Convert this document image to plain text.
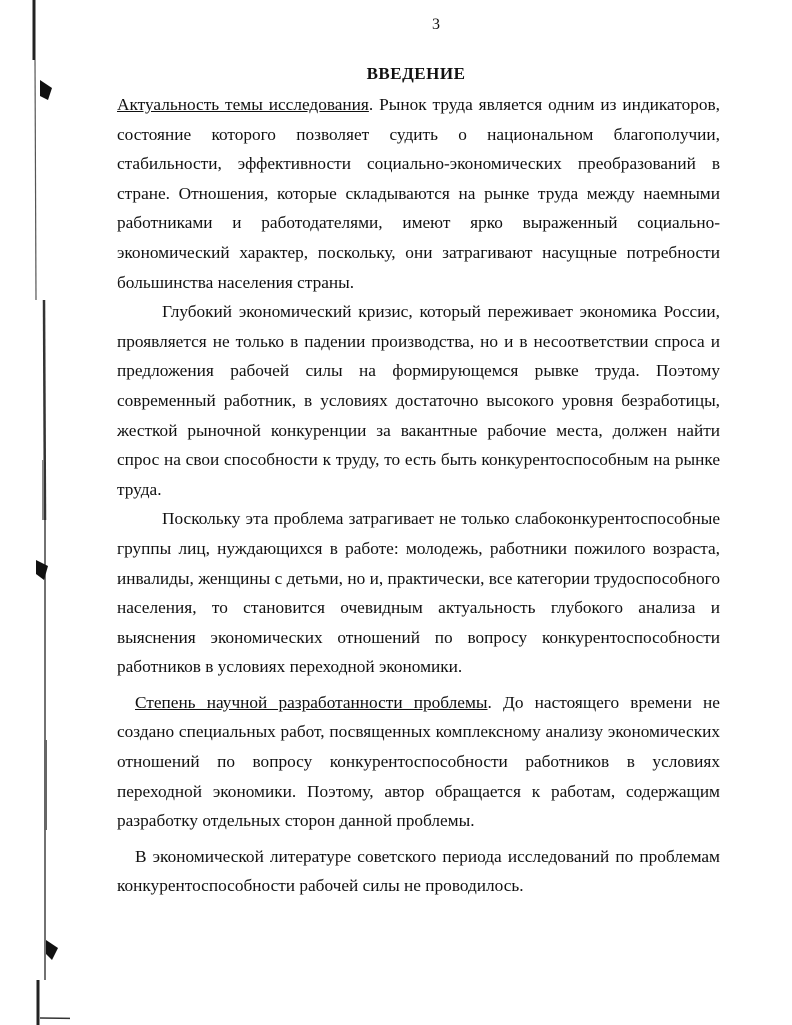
3
ВВЕДЕНИЕ

Актуальность темы исследования. Рынок труда является одним из индикаторов, состояние которого позволяет судить о национальном благополучии, стабильности, эффективности социально-экономических преобразований в стране. Отношения, которые складываются на рынке труда между наемными работниками и работодателями, имеют ярко выраженный социально-экономический характер, поскольку, они затрагивают насущные потребности большинства населения страны.

Глубокий экономический кризис, который переживает экономика России, проявляется не только в падении производства, но и в несоответствии спроса и предложения рабочей силы на формирующемся рывке труда. Поэтому современный работник, в условиях достаточно высокого уровня безработицы, жесткой рыночной конкуренции за вакантные рабочие места, должен найти спрос на свои способности к труду, то есть быть конкурентоспособным на рынке труда.

Поскольку эта проблема затрагивает не только слабоконкурентоспособные группы лиц, нуждающихся в работе: молодежь, работники пожилого возраста, инвалиды, женщины с детьми, но и, практически, все категории трудоспособного населения, то становится очевидным актуальность глубокого анализа и выяснения экономических отношений по вопросу конкурентоспособности работников в условиях переходной экономики.

Степень научной разработанности проблемы. До настоящего времени не создано специальных работ, посвященных комплексному анализу экономических отношений по вопросу конкурентоспособности работников в условиях переходной экономики. Поэтому, автор обращается к работам, содержащим разработку отдельных сторон данной проблемы.

В экономической литературе советского периода исследований по проблемам конкурентоспособности рабочей силы не проводилось.
